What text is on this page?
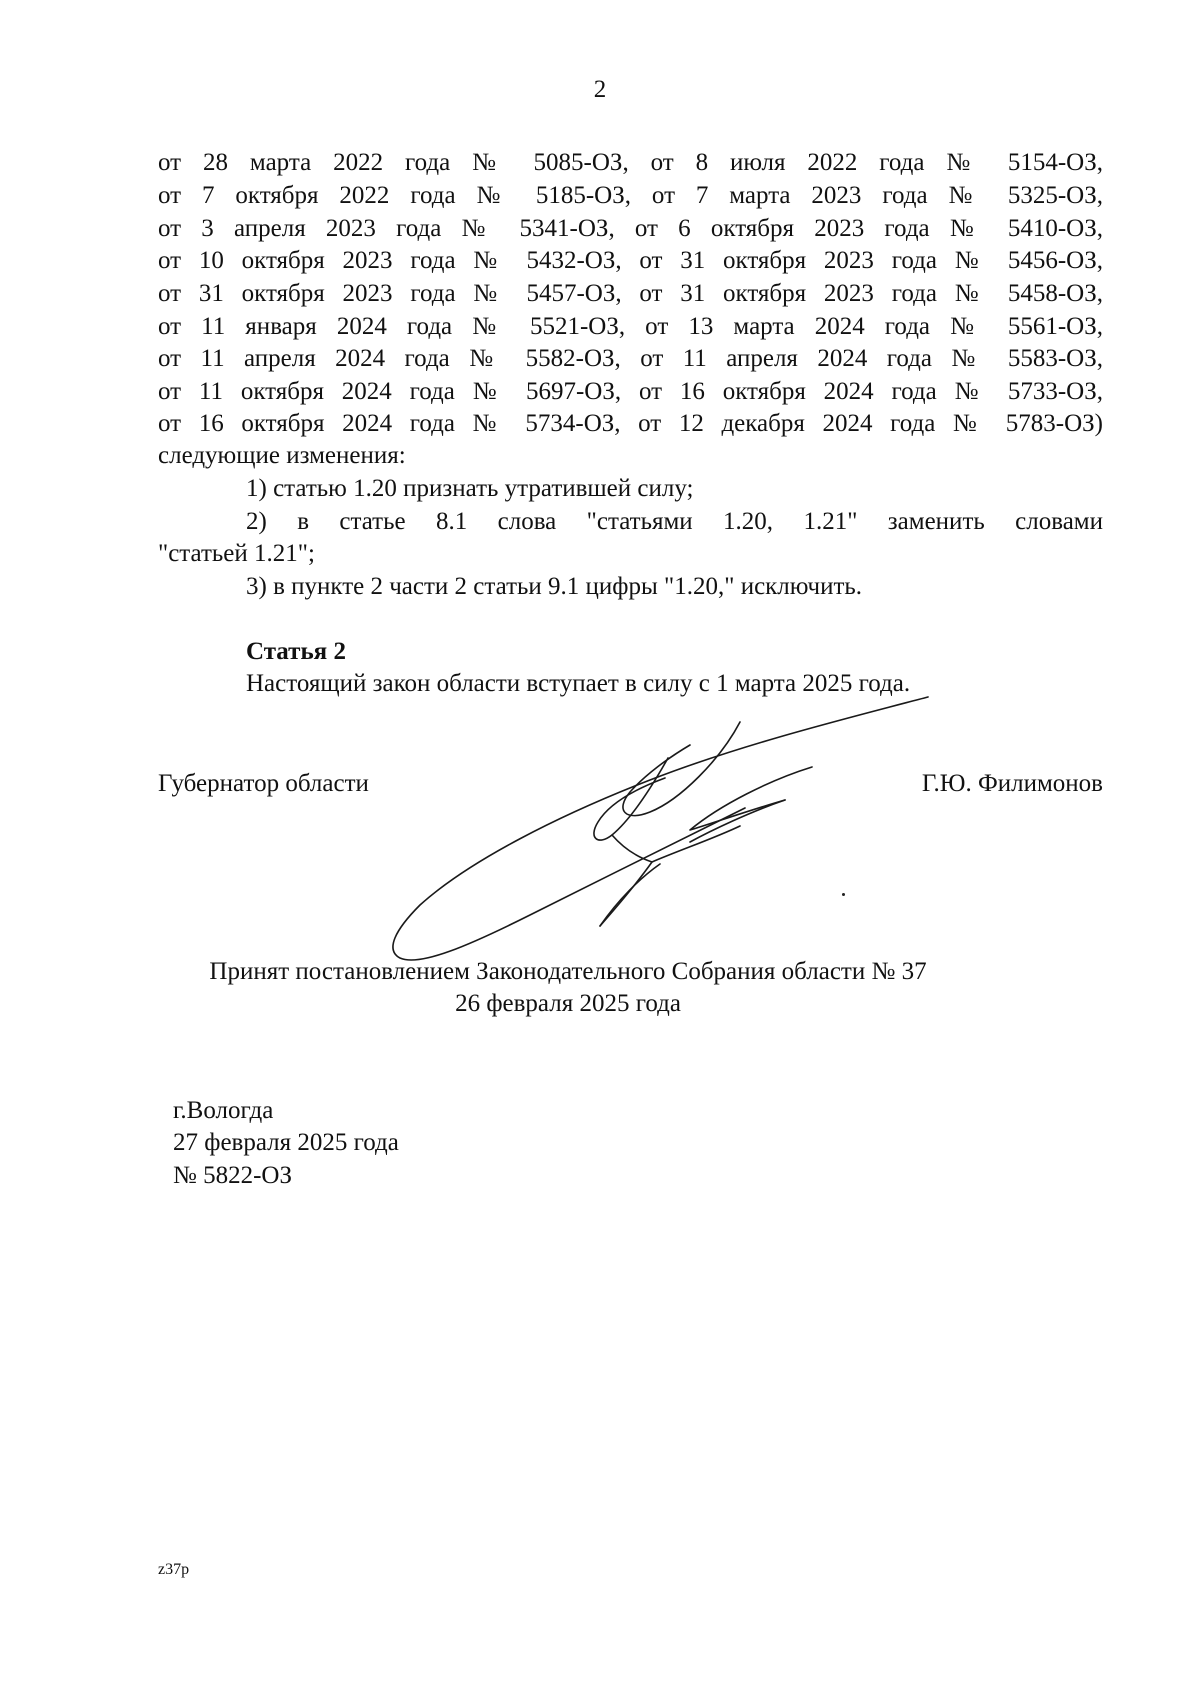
2
от 28 марта 2022 года № 5085-ОЗ, от 8 июля 2022 года № 5154-ОЗ,
от 7 октября 2022 года № 5185-ОЗ, от 7 марта 2023 года № 5325-ОЗ,
от 3 апреля 2023 года № 5341-ОЗ, от 6 октября 2023 года № 5410-ОЗ,
от 10 октября 2023 года № 5432-ОЗ, от 31 октября 2023 года № 5456-ОЗ,
от 31 октября 2023 года № 5457-ОЗ, от 31 октября 2023 года № 5458-ОЗ,
от 11 января 2024 года № 5521-ОЗ, от 13 марта 2024 года № 5561-ОЗ,
от 11 апреля 2024 года № 5582-ОЗ, от 11 апреля 2024 года № 5583-ОЗ,
от 11 октября 2024 года № 5697-ОЗ, от 16 октября 2024 года № 5733-ОЗ,
от 16 октября 2024 года № 5734-ОЗ, от 12 декабря 2024 года № 5783-ОЗ)
следующие изменения:
1) статью 1.20 признать утратившей силу;
2) в статье 8.1 слова "статьями 1.20, 1.21" заменить словами
"статьей 1.21";
3) в пункте 2 части 2 статьи 9.1 цифры "1.20," исключить.
Статья 2
Настоящий закон области вступает в силу с 1 марта 2025 года.
Губернатор области	Г.Ю. Филимонов
Принят постановлением Законодательного Собрания области № 37
26 февраля 2025 года
г.Вологда
27 февраля 2025 года
№ 5822-ОЗ
z37p
